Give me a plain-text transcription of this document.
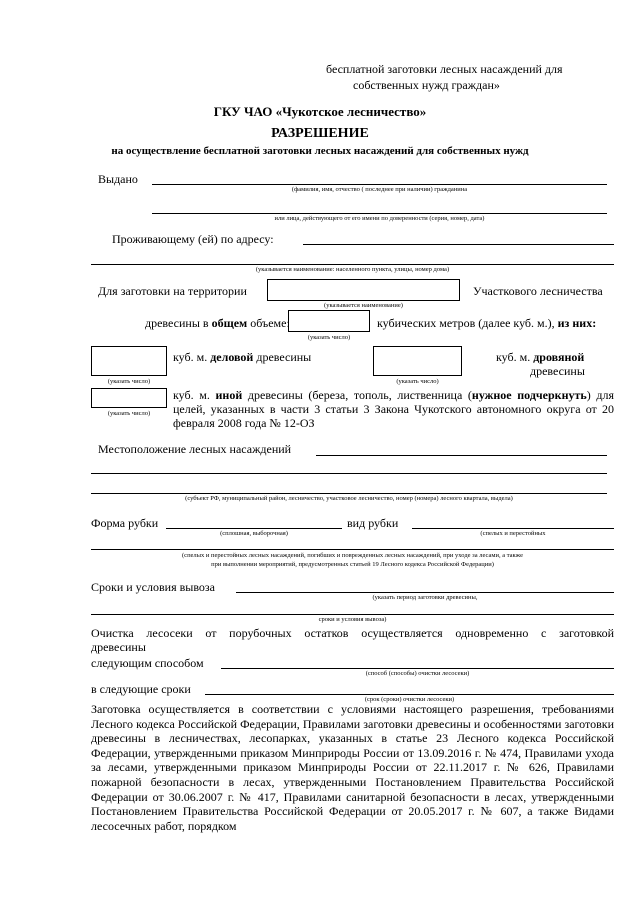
бесплатной заготовки лесных насаждений для
собственных нужд граждан»
ГКУ ЧАО «Чукотское лесничество»
РАЗРЕШЕНИЕ
на осуществление бесплатной заготовки лесных насаждений для собственных нужд
Выдано
(фамилия, имя, отчество ( последнее при наличии) гражданина
или лица, действующего от его имени по доверенности (серия, номер, дата)
Проживающему (ей) по адресу:
(указывается наименование: населенного пункта, улицы, номер дома)
Для заготовки на территории
(указывается наименование)
Участкового лесничества
древесины в общем объеме:
(указать число)
кубических метров (далее куб. м.), из них:
(указать число)
куб. м. деловой древесины
(указать число)
куб. м. дровяной
древесины
(указать число)
куб. м. иной древесины (береза, тополь, лиственница (нужное подчеркнуть) для целей, указанных в части 3 статьи 3 Закона Чукотского автономного округа от 20 февраля 2008 года № 12-ОЗ
Местоположение лесных насаждений
(субъект РФ, муниципальный район, лесничество, участковое лесничество, номер (номера) лесного квартала, выдела)
Форма рубки
(сплошная, выборочная)
вид рубки
(спелых и перестойных
(спелых и перестойных лесных насаждений, погибших и поврежденных лесных насаждений, при уходе за лесами, а также
при выполнении мероприятий, предусмотренных статьей 19 Лесного кодекса Российской Федерации)
Сроки и условия вывоза
(указать период заготовки древесины,
сроки и условия вывоза)
Очистка лесосеки от порубочных остатков осуществляется одновременно с заготовкой
древесины
следующим способом
(способ (способы) очистки лесосеки)
в следующие сроки
(срок (сроки) очистки лесосеки)
Заготовка осуществляется в соответствии с условиями настоящего разрешения, требованиями Лесного кодекса Российской Федерации, Правилами заготовки древесины и особенностями заготовки древесины в лесничествах, лесопарках, указанных в статье 23 Лесного кодекса Российской Федерации, утвержденными приказом Минприроды России от 13.09.2016 г. № 474, Правилами ухода за лесами, утвержденными приказом Минприроды России от 22.11.2017 г. № 626, Правилами пожарной безопасности в лесах, утвержденными Постановлением Правительства Российской Федерации от 30.06.2007 г. № 417, Правилами санитарной безопасности в лесах, утвержденными Постановлением Правительства Российской Федерации от 20.05.2017 г. № 607, а также Видами лесосечных работ, порядком
